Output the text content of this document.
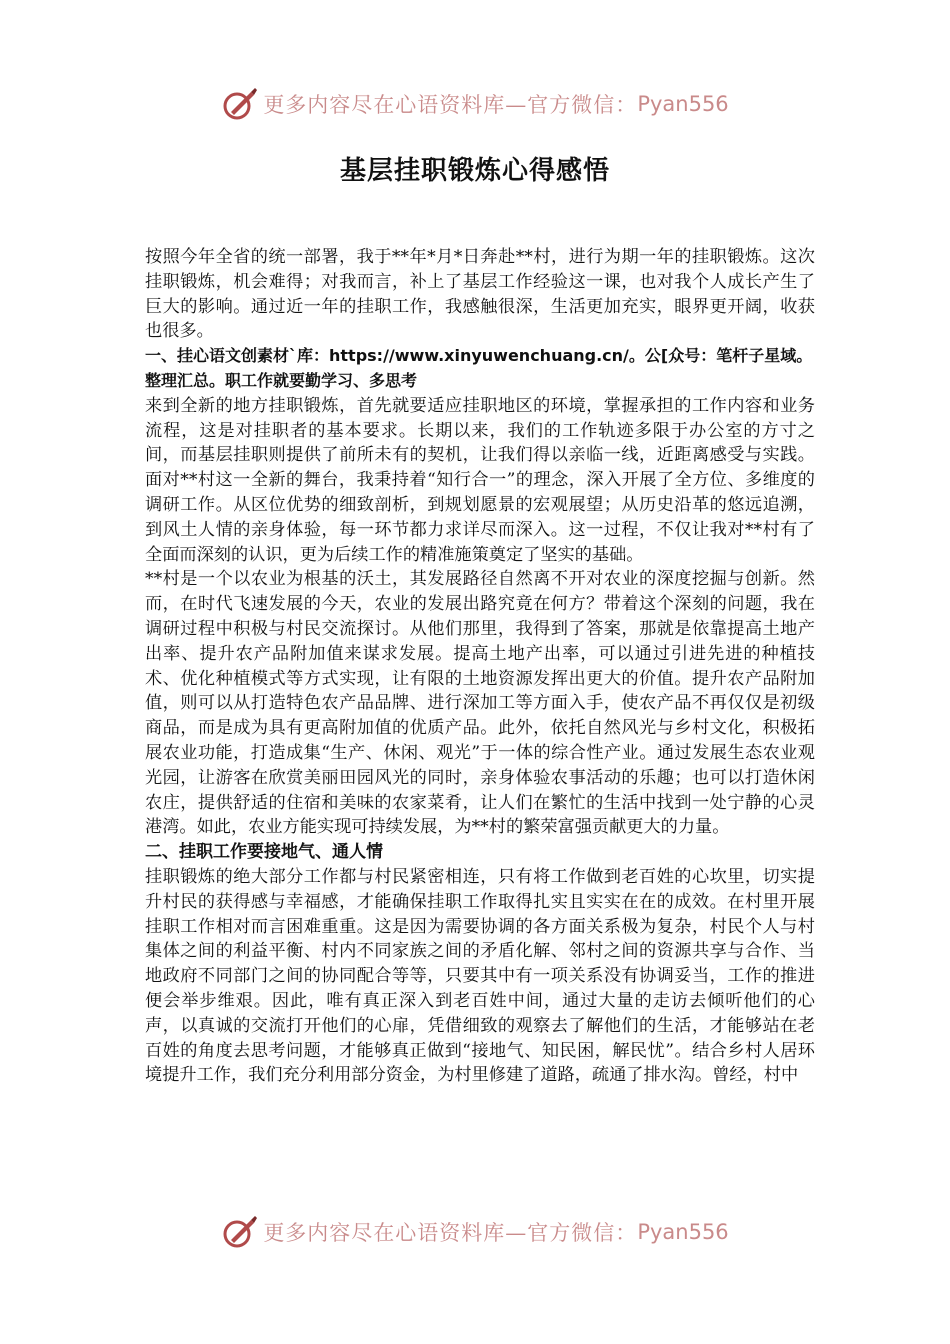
更多内容尽在心语资料库—官方微信： Pyan556
基层挂职锻炼心得感悟

按照今年全省的统一部署，我于**年*月*日奔赴**村，进行为期一年的挂职锻炼。这次挂职锻炼，机会难得；对我而言，补上了基层工作经验这一课，也对我个人成长产生了巨大的影响。通过近一年的挂职工作，我感触很深，生活更加充实，眼界更开阔，收获也很多。

一、挂心语文创素材`库：https://www.xinyuwenchuang.cn/。公[众号：笔杆子星域。整理汇总。职工作就要勤学习、多思考

来到全新的地方挂职锻炼，首先就要适应挂职地区的环境，掌握承担的工作内容和业务流程，这是对挂职者的基本要求。长期以来，我们的工作轨迹多限于办公室的方寸之间，而基层挂职则提供了前所未有的契机，让我们得以亲临一线，近距离感受与实践。面对**村这一全新的舞台，我秉持着“知行合一”的理念，深入开展了全方位、多维度的调研工作。从区位优势的细致剖析，到规划愿景的宏观展望；从历史沿革的悠远追溯，到风土人情的亲身体验，每一环节都力求详尽而深入。这一过程，不仅让我对**村有了全面而深刻的认识，更为后续工作的精准施策奠定了坚实的基础。

**村是一个以农业为根基的沃土，其发展路径自然离不开对农业的深度挖掘与创新。然而，在时代飞速发展的今天，农业的发展出路究竟在何方？带着这个深刻的问题，我在调研过程中积极与村民交流探讨。从他们那里，我得到了答案，那就是依靠提高土地产出率、提升农产品附加值来谋求发展。提高土地产出率，可以通过引进先进的种植技术、优化种植模式等方式实现，让有限的土地资源发挥出更大的价值。提升农产品附加值，则可以从打造特色农产品品牌、进行深加工等方面入手，使农产品不再仅仅是初级商品，而是成为具有更高附加值的优质产品。此外，依托自然风光与乡村文化，积极拓展农业功能，打造成集“生产、休闲、观光”于一体的综合性产业。通过发展生态农业观光园，让游客在欣赏美丽田园风光的同时，亲身体验农事活动的乐趣；也可以打造休闲农庄，提供舒适的住宿和美味的农家菜肴，让人们在繁忙的生活中找到一处宁静的心灵港湾。如此，农业方能实现可持续发展，为**村的繁荣富强贡献更大的力量。

二、挂职工作要接地气、通人情

挂职锻炼的绝大部分工作都与村民紧密相连，只有将工作做到老百姓的心坎里，切实提升村民的获得感与幸福感，才能确保挂职工作取得扎实且实实在在的成效。在村里开展挂职工作相对而言困难重重。这是因为需要协调的各方面关系极为复杂，村民个人与村集体之间的利益平衡、村内不同家族之间的矛盾化解、邻村之间的资源共享与合作、当地政府不同部门之间的协同配合等等，只要其中有一项关系没有协调妥当，工作的推进便会举步维艰。因此，唯有真正深入到老百姓中间，通过大量的走访去倾听他们的心声，以真诚的交流打开他们的心扉，凭借细致的观察去了解他们的生活，才能够站在老百姓的角度去思考问题，才能够真正做到“接地气、知民困，解民忧”。结合乡村人居环境提升工作，我们充分利用部分资金，为村里修建了道路，疏通了排水沟。曾经，村中

更多内容尽在心语资料库—官方微信： Pyan556
